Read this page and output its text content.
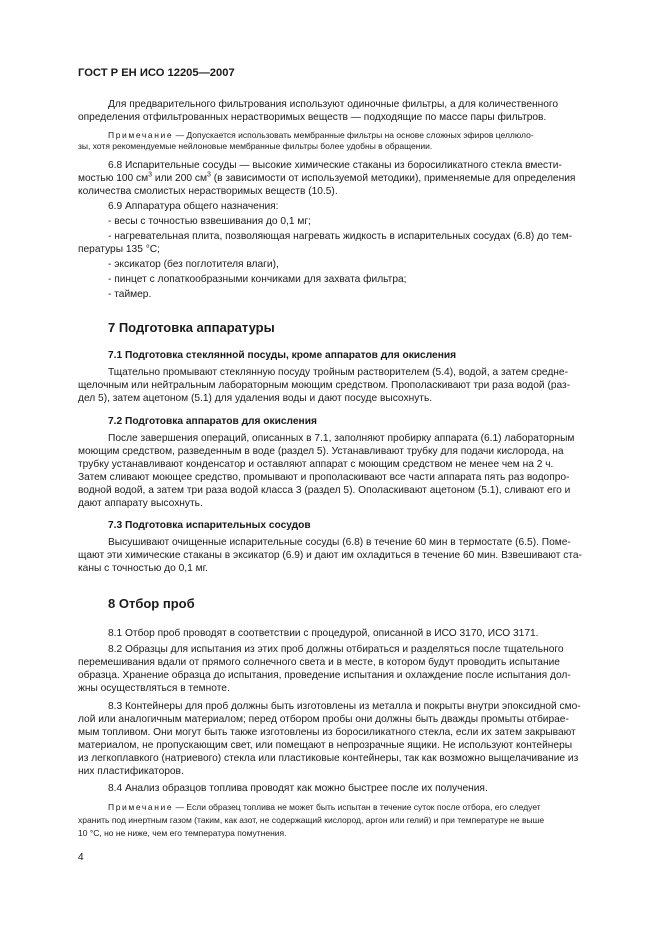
ГОСТ Р ЕН ИСО 12205—2007
Для предварительного фильтрования используют одиночные фильтры, а для количественного
определения отфильтрованных нерастворимых веществ — подходящие по массе пары фильтров.
Примечание — Допускается использовать мембранные фильтры на основе сложных эфиров целлюло-
зы, хотя рекомендуемые нейлоновые мембранные фильтры более удобны в обращении.
6.8 Испарительные сосуды — высокие химические стаканы из боросиликатного стекла вмести-
мостью 100 $см^3$ или 200 $см^3$ (в зависимости от используемой методики), применяемые для определения
количества смолистых нерастворимых веществ (10.5).
6.9 Аппаратура общего назначения:
- весы с точностью взвешивания до 0,1 мг;
- нагревательная плита, позволяющая нагревать жидкость в испарительных сосудах (6.8) до тем-
пературы 135 °С;
- эксикатор (без поглотителя влаги),
- пинцет с лопаткообразными кончиками для захвата фильтра;
- таймер.
7 Подготовка аппаратуры
7.1 Подготовка стеклянной посуды, кроме аппаратов для окисления
Тщательно промывают стеклянную посуду тройным растворителем (5.4), водой, а затем средне-
щелочным или нейтральным лабораторным моющим средством. Прополаскивают три раза водой (раз-
дел 5), затем ацетоном (5.1) для удаления воды и дают посуде высохнуть.
7.2 Подготовка аппаратов для окисления
После завершения операций, описанных в 7.1, заполняют пробирку аппарата (6.1) лабораторным
моющим средством, разведенным в воде (раздел 5). Устанавливают трубку для подачи кислорода, на
трубку устанавливают конденсатор и оставляют аппарат с моющим средством не менее чем на 2 ч.
Затем сливают моющее средство, промывают и прополаскивают все части аппарата пять раз водопро-
водной водой, а затем три раза водой класса 3 (раздел 5). Ополаскивают ацетоном (5.1), сливают его и
дают аппарату высохнуть.
7.3 Подготовка испарительных сосудов
Высушивают очищенные испарительные сосуды (6.8) в течение 60 мин в термостате (6.5). Поме-
щают эти химические стаканы в эксикатор (6.9) и дают им охладиться в течение 60 мин. Взвешивают ста-
каны с точностью до 0,1 мг.
8 Отбор проб
8.1 Отбор проб проводят в соответствии с процедурой, описанной в ИСО 3170, ИСО 3171.
8.2 Образцы для испытания из этих проб должны отбираться и разделяться после тщательного
перемешивания вдали от прямого солнечного света и в месте, в котором будут проводить испытание
образца. Хранение образца до испытания, проведение испытания и охлаждение после испытания дол-
жны осуществляться в темноте.
8.3 Контейнеры для проб должны быть изготовлены из металла и покрыты внутри эпоксидной смо-
лой или аналогичным материалом; перед отбором пробы они должны быть дважды промыты отбирае-
мым топливом. Они могут быть также изготовлены из боросиликатного стекла, если их затем закрывают
материалом, не пропускающим свет, или помещают в непрозрачные ящики. Не используют контейнеры
из легкоплавкого (натриевого) стекла или пластиковые контейнеры, так как возможно выщелачивание из
них пластификаторов.
8.4 Анализ образцов топлива проводят как можно быстрее после их получения.
Примечание — Если образец топлива не может быть испытан в течение суток после отбора, его следует
хранить под инертным газом (таким, как азот, не содержащий кислород, аргон или гелий) и при температуре не выше
10 °С, но не ниже, чем его температура помутнения.
4
